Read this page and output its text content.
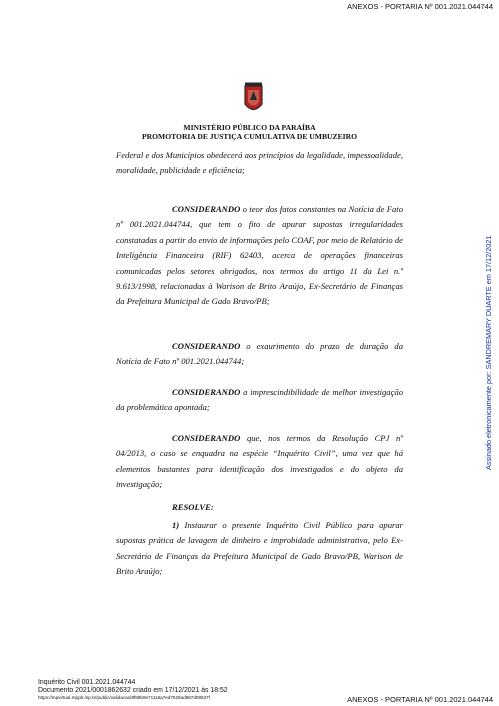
ANEXOS - PORTARIA Nº 001.2021.044744
Assinado eletronicamente por: SANDREMARY DUARTE em 17/12/2021
MINISTÉRIO PÚBLICO DA PARAÍBA
PROMOTORIA DE JUSTIÇA CUMULATIVA DE UMBUZEIRO
Federal e dos Municípios obedecerá aos princípios da legalidade, impessoalidade, moralidade, publicidade e eficiência;
CONSIDERANDO o teor dos fatos constantes na Notícia de Fato nº 001.2021.044744, que tem o fito de apurar supostas irregularidades constatadas a partir do envio de informações pelo COAF, por meio de Relatório de Inteligência Financeira (RIF) 62403, acerca de operações financeiras comunicadas pelos setores obrigados, nos termos do artigo 11 da Lei n.º 9.613/1998, relacionadas à Warison de Brito Araújo, Ex-Secretário de Finanças da Prefeitura Municipal de Gado Bravo/PB;
CONSIDERANDO o exaurimento do prazo de duração da Notícia de Fato nº 001.2021.044744;
CONSIDERANDO a imprescindibilidade de melhor investigação da problemática apontada;
CONSIDERANDO que, nos termos da Resolução CPJ nº 04/2013, o caso se enquadra na espécie “Inquérito Civil”, uma vez que há elementos bastantes para identificação dos investigados e do objeto da investigação;
RESOLVE:
1) Instaurar o presente Inquérito Civil Público para apurar supostas prática de lavagem de dinheiro e improbidade administrativa, pelo Ex-Secretário de Finanças da Prefeitura Municipal de Gado Bravo/PB, Warison de Brito Araújo;
Inquérito Civil 001.2021.044744
Documento 2021/0001862632 criado em 17/12/2021 às 18:52
https://mpvirtual.mppb.mp.br/public/validacao/8f98b9e71116a7ed7529ad987d08627f	ANEXOS - PORTARIA Nº 001.2021.044744
